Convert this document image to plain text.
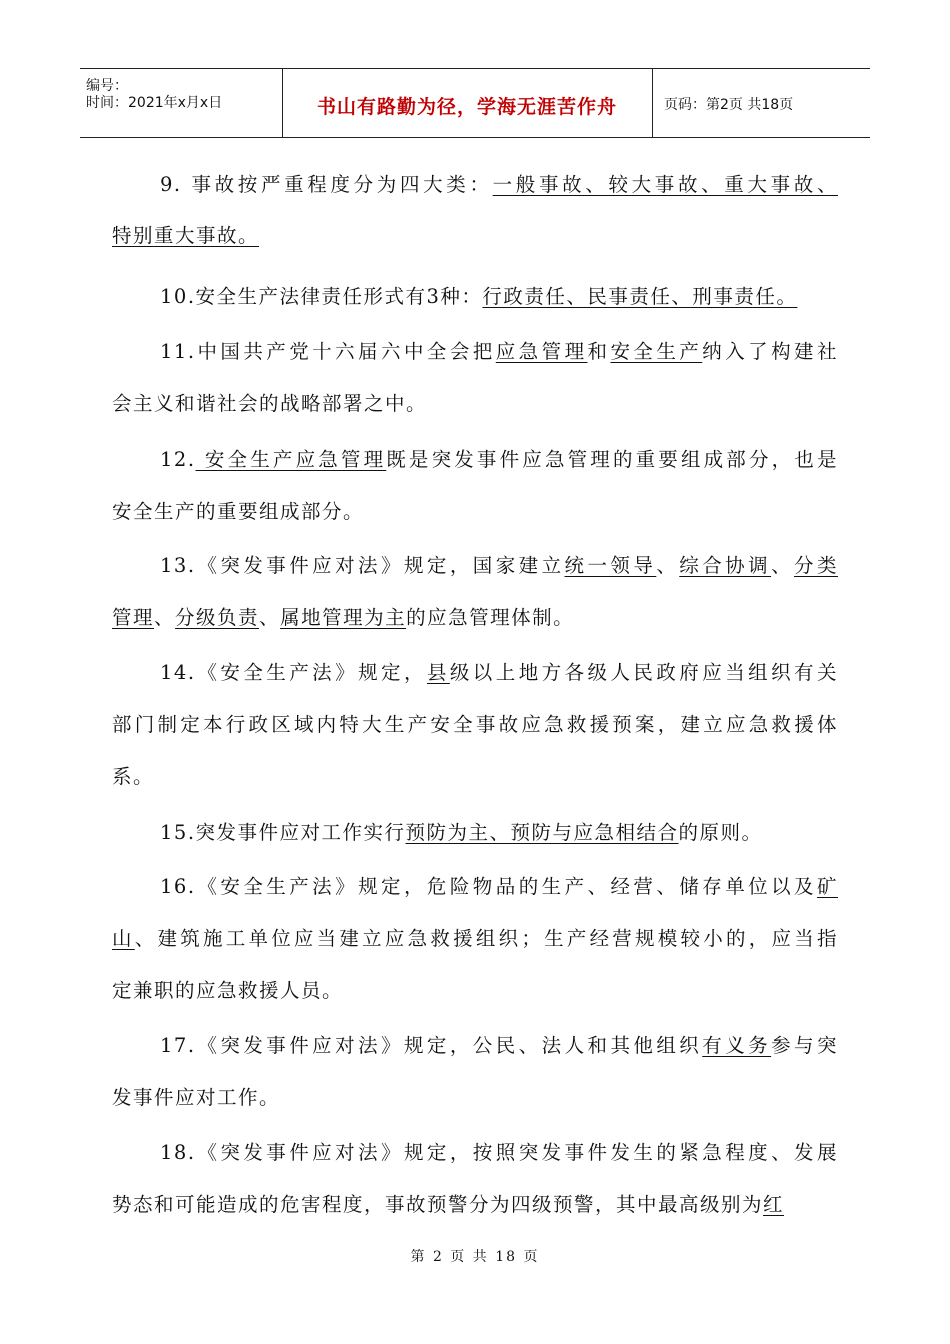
编号：
时间：2021年x月x日	书山有路勤为径，学海无涯苦作舟	页码：第2页 共18页
9. 事故按严重程度分为四大类：一般事故、较大事故、重大事故、
特别重大事故。
10.安全生产法律责任形式有3种：行政责任、民事责任、刑事责任。
11.中国共产党十六届六中全会把应急管理和安全生产纳入了构建社
会主义和谐社会的战略部署之中。
12. 安全生产应急管理既是突发事件应急管理的重要组成部分，也是
安全生产的重要组成部分。
13.《突发事件应对法》规定，国家建立统一领导、综合协调、分类
管理、分级负责、属地管理为主的应急管理体制。
14.《安全生产法》规定，县级以上地方各级人民政府应当组织有关
部门制定本行政区域内特大生产安全事故应急救援预案，建立应急救援体
系。
15.突发事件应对工作实行预防为主、预防与应急相结合的原则。
16.《安全生产法》规定，危险物品的生产、经营、储存单位以及矿
山、建筑施工单位应当建立应急救援组织；生产经营规模较小的，应当指
定兼职的应急救援人员。
17.《突发事件应对法》规定，公民、法人和其他组织有义务参与突
发事件应对工作。
18.《突发事件应对法》规定，按照突发事件发生的紧急程度、发展
势态和可能造成的危害程度，事故预警分为四级预警，其中最高级别为红
第 2 页 共 18 页
